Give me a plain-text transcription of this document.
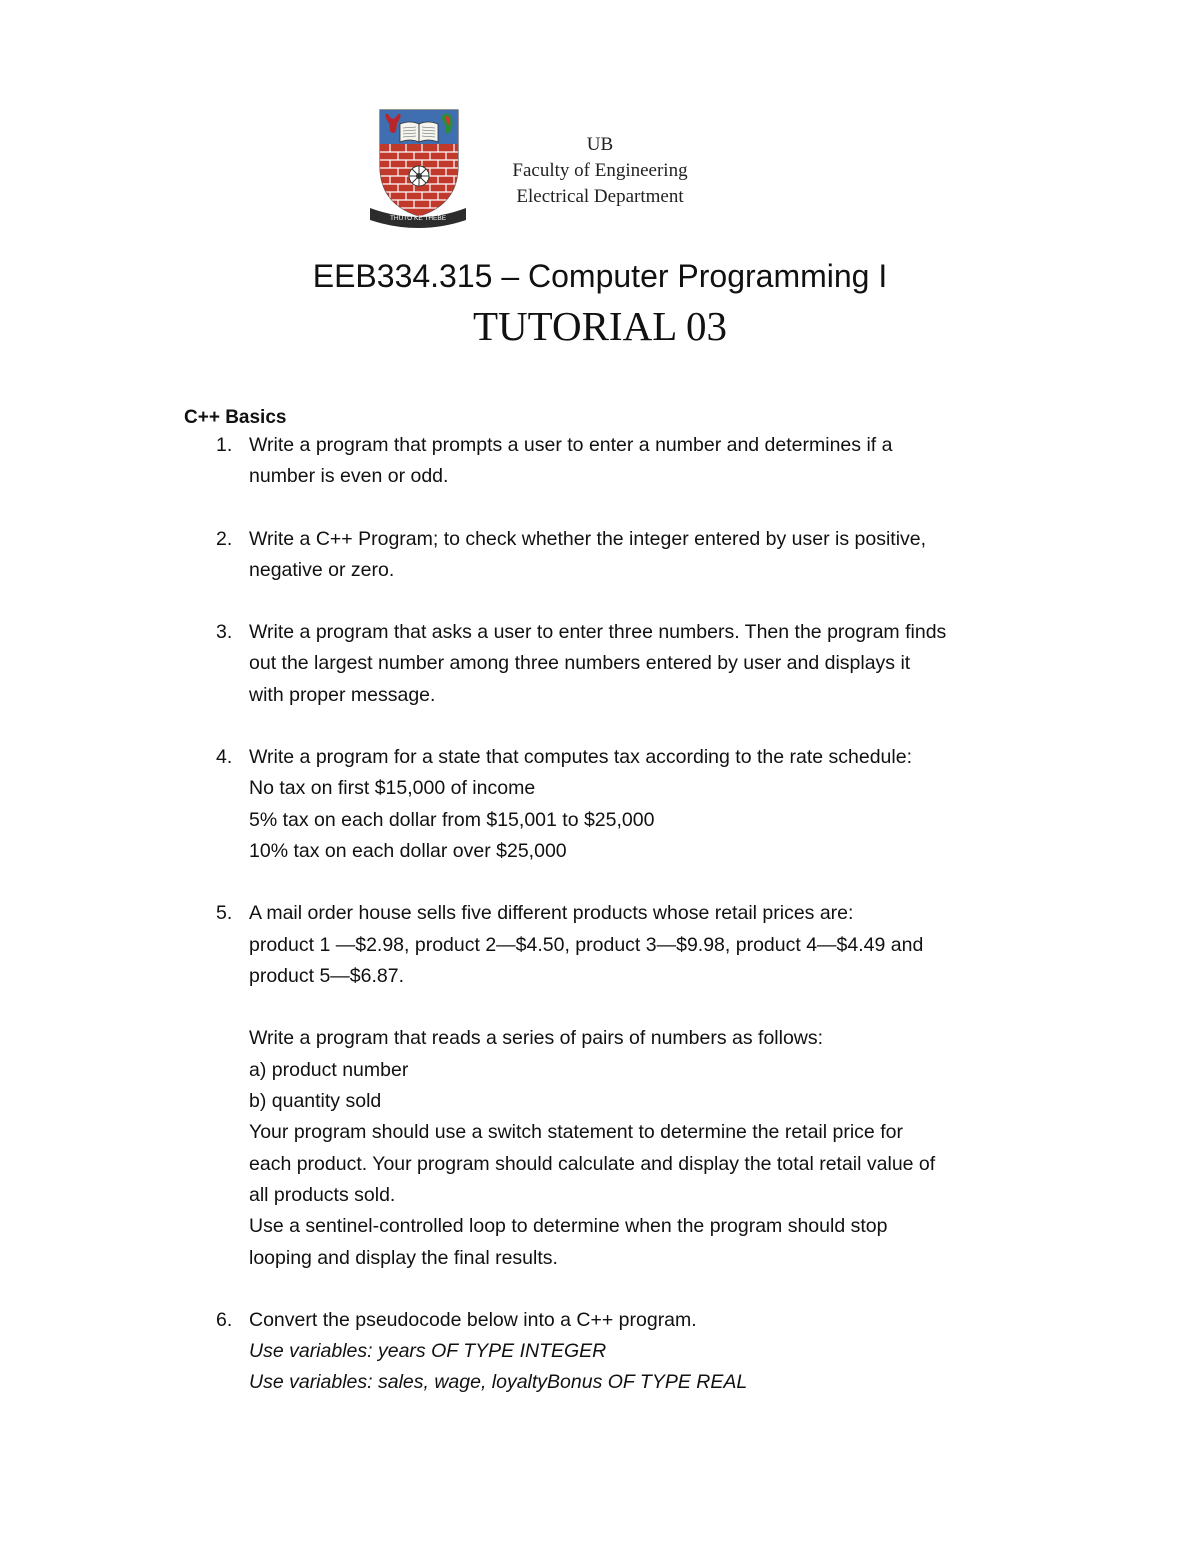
THUTO KE THEBE
UB
Faculty of Engineering
Electrical Department
EEB334.315 – Computer Programming I
TUTORIAL 03
C++ Basics
1. Write a program that prompts a user to enter a number and determines if a
number is even or odd.
2. Write a C++ Program; to check whether the integer entered by user is positive,
negative or zero.
3. Write a program that asks a user to enter three numbers. Then the program finds
out the largest number among three numbers entered by user and displays it
with proper message.
4. Write a program for a state that computes tax according to the rate schedule:
No tax on first $15,000 of income
5% tax on each dollar from $15,001 to $25,000
10% tax on each dollar over $25,000
5. A mail order house sells five different products whose retail prices are:
product 1 —$2.98, product 2—$4.50, product 3—$9.98, product 4—$4.49 and
product 5—$6.87.
Write a program that reads a series of pairs of numbers as follows:
a) product number
b) quantity sold
Your program should use a switch statement to determine the retail price for
each product. Your program should calculate and display the total retail value of
all products sold.
Use a sentinel-controlled loop to determine when the program should stop
looping and display the final results.
6. Convert the pseudocode below into a C++ program.
Use variables: years OF TYPE INTEGER
Use variables: sales, wage, loyaltyBonus OF TYPE REAL
